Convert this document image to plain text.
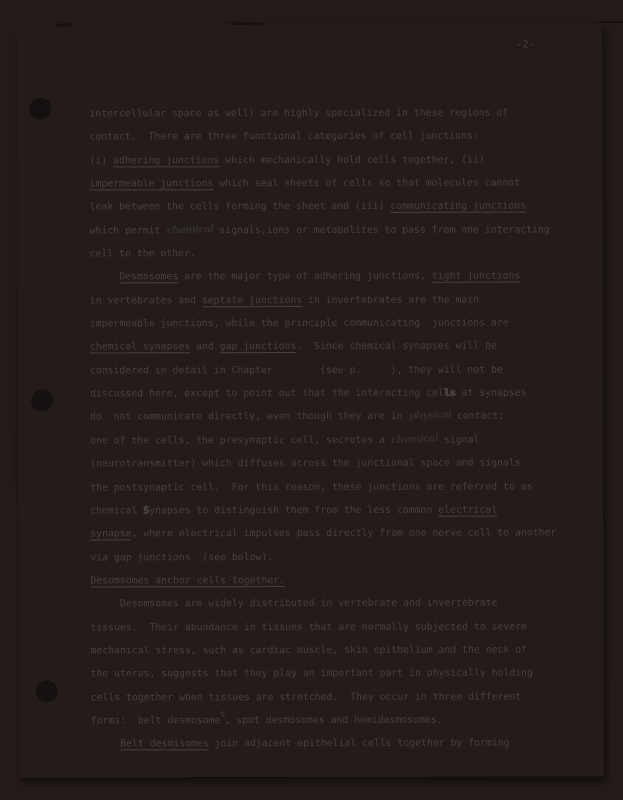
'	-2-
intercellular space as well) are highly specialized in these regions of
contact.  There are three functional categories of cell junctions:
(i) adhering junctions which mechanically hold cells together, (ii)
impermeable junctions which seal sheets of cells so that molecules cannot
leak between the cells forming the sheet and (iii) communicating junctions
which permit chemical signals,ions or metabolites to pass from one interacting
cell to the other.
Desmosomes are the major type of adhering junctions, tight junctions
in vertebrates and septate junctions in invertebrates are the main
impermeable junctions, while the principle communicating  junctions are
chemical synapses and gap junctions.  Since chemical synapses will be
considered in detail in Chapter        (see p.     ), they will not be
discussed here, except to point out that the interacting cells at synapses
do  not communicate directly, even though they are in physical contact;
one of the cells, the presynaptic cell, secretes a chemical signal
(neurotransmitter) which diffuses across the junctional space and signals
the postsynaptic cell.  For this reason, these junctions are referred to as
chemical Synapses to distinguish them from the less common electrical
synapse, where electrical impulses pass directly from one nerve cell to another
via gap junctions  (see below).
Desomsomes anchor cells together.
Desomsomes are widely distributed in vertebrate and invertebrate
tissues.  Their abundance in tissues that are normally subjected to severe
mechanical stress, such as cardiac muscle, skin epithelium and the neck of
the uterus, suggests that they play an important part in physically holding
cells together when tissues are stretched.  They occur in three different
forms:  belt desmosomes, spot desmosomes and hemidesmosomes.
Belt desmisomes join adjacent epithelial cells together by forming
